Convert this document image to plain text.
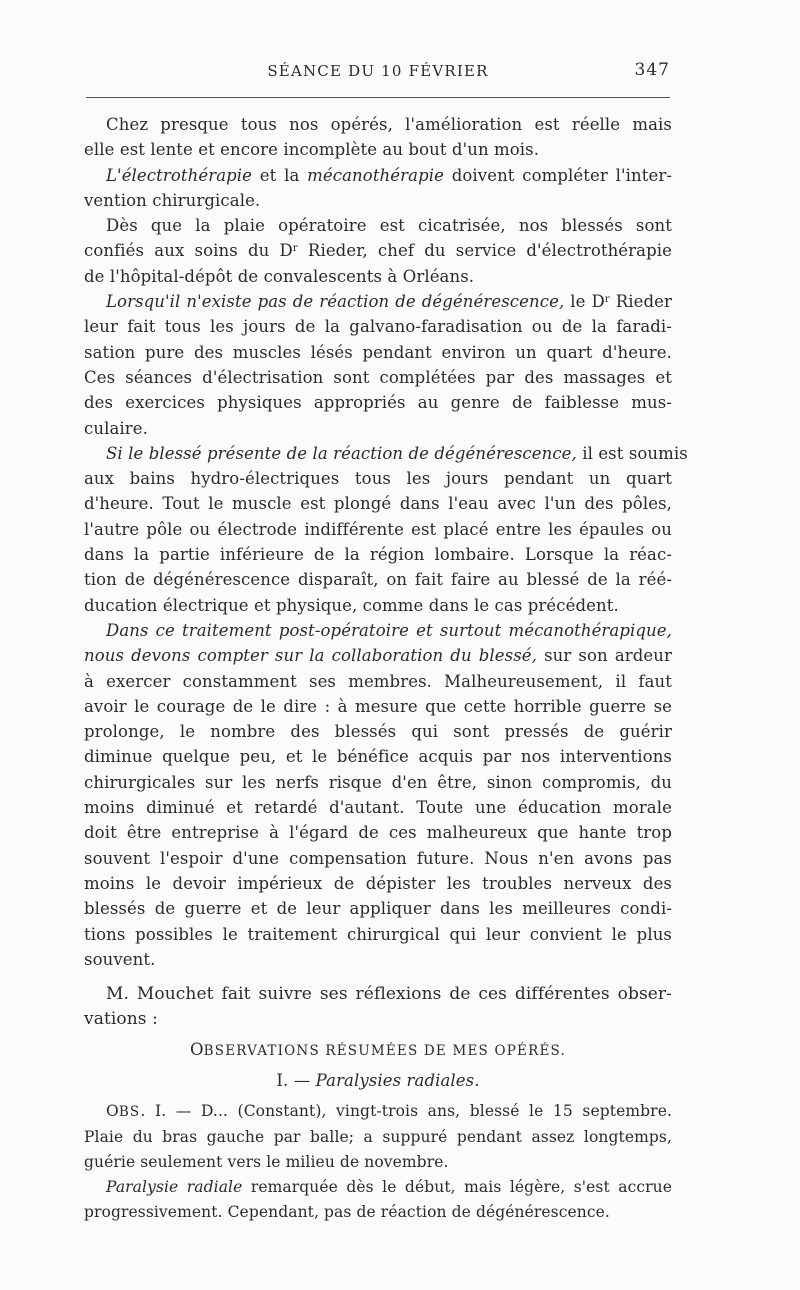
SÉANCE DU 10 FÉVRIER	347
Chez presque tous nos opérés, l'amélioration est réelle mais
elle est lente et encore incomplète au bout d'un mois.
L'électrothérapie et la mécanothérapie doivent compléter l'inter-
vention chirurgicale.
Dès que la plaie opératoire est cicatrisée, nos blessés sont
confiés aux soins du $D^r$ Rieder, chef du service d'électrothérapie
de l'hôpital-dépôt de convalescents à Orléans.
Lorsqu'il n'existe pas de réaction de dégénérescence, le $D^r$ Rieder
leur fait tous les jours de la galvano-faradisation ou de la faradi-
sation pure des muscles lésés pendant environ un quart d'heure.
Ces séances d'électrisation sont complétées par des massages et
des exercices physiques appropriés au genre de faiblesse mus-
culaire.
Si le blessé présente de la réaction de dégénérescence, il est soumis
aux bains hydro-électriques tous les jours pendant un quart
d'heure. Tout le muscle est plongé dans l'eau avec l'un des pôles,
l'autre pôle ou électrode indifférente est placé entre les épaules ou
dans la partie inférieure de la région lombaire. Lorsque la réac-
tion de dégénérescence disparaît, on fait faire au blessé de la réé-
ducation électrique et physique, comme dans le cas précédent.
Dans ce traitement post-opératoire et surtout mécanothérapique,
nous devons compter sur la collaboration du blessé, sur son ardeur
à exercer constamment ses membres. Malheureusement, il faut
avoir le courage de le dire : à mesure que cette horrible guerre se
prolonge, le nombre des blessés qui sont pressés de guérir
diminue quelque peu, et le bénéfice acquis par nos interventions
chirurgicales sur les nerfs risque d'en être, sinon compromis, du
moins diminué et retardé d'autant. Toute une éducation morale
doit être entreprise à l'égard de ces malheureux que hante trop
souvent l'espoir d'une compensation future. Nous n'en avons pas
moins le devoir impérieux de dépister les troubles nerveux des
blessés de guerre et de leur appliquer dans les meilleures condi-
tions possibles le traitement chirurgical qui leur convient le plus
souvent.
M. Mouchet fait suivre ses réflexions de ces différentes obser-
vations :
OBSERVATIONS RÉSUMÉES DE MES OPÉRÉS.
I. — Paralysies radiales.
OBS. I. — D... (Constant), vingt-trois ans, blessé le 15 septembre.
Plaie du bras gauche par balle; a suppuré pendant assez longtemps,
guérie seulement vers le milieu de novembre.
Paralysie radiale remarquée dès le début, mais légère, s'est accrue
progressivement. Cependant, pas de réaction de dégénérescence.
